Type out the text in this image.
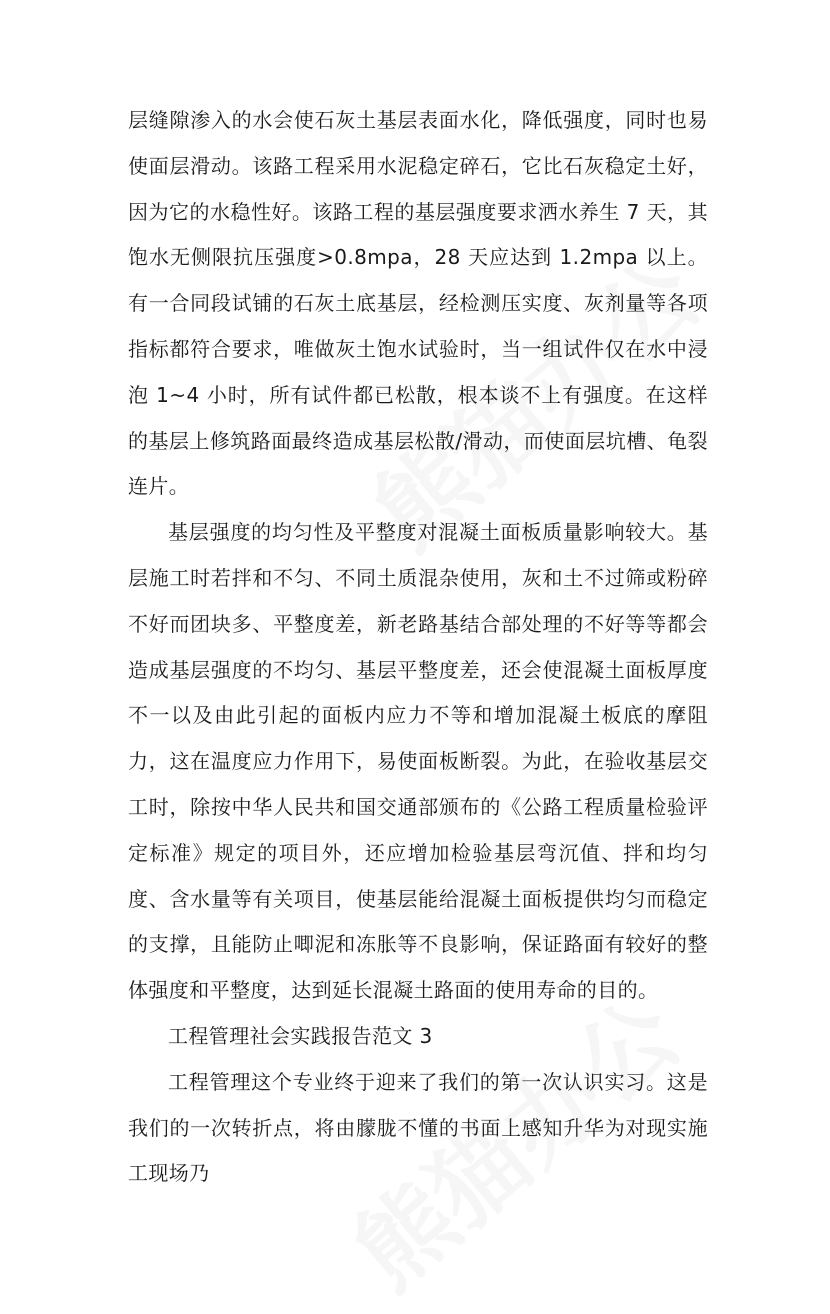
层缝隙渗入的水会使石灰土基层表面水化，降低强度，同时也易使面层滑动。该路工程采用水泥稳定碎石，它比石灰稳定土好，因为它的水稳性好。该路工程的基层强度要求洒水养生 7 天，其饱水无侧限抗压强度>0.8mpa，28 天应达到 1.2mpa 以上。有一合同段试铺的石灰土底基层，经检测压实度、灰剂量等各项指标都符合要求，唯做灰土饱水试验时，当一组试件仅在水中浸泡 1~4 小时，所有试件都已松散，根本谈不上有强度。在这样的基层上修筑路面最终造成基层松散/滑动，而使面层坑槽、龟裂连片。

基层强度的均匀性及平整度对混凝土面板质量影响较大。基层施工时若拌和不匀、不同土质混杂使用，灰和土不过筛或粉碎不好而团块多、平整度差，新老路基结合部处理的不好等等都会造成基层强度的不均匀、基层平整度差，还会使混凝土面板厚度不一以及由此引起的面板内应力不等和增加混凝土板底的摩阻力，这在温度应力作用下，易使面板断裂。为此，在验收基层交工时，除按中华人民共和国交通部颁布的《公路工程质量检验评定标准》规定的项目外，还应增加检验基层弯沉值、拌和均匀度、含水量等有关项目，使基层能给混凝土面板提供均匀而稳定的支撑，且能防止唧泥和冻胀等不良影响，保证路面有较好的整体强度和平整度，达到延长混凝土路面的使用寿命的目的。

工程管理社会实践报告范文 3

工程管理这个专业终于迎来了我们的第一次认识实习。这是我们的一次转折点，将由朦胧不懂的书面上感知升华为对现实施工现场乃
